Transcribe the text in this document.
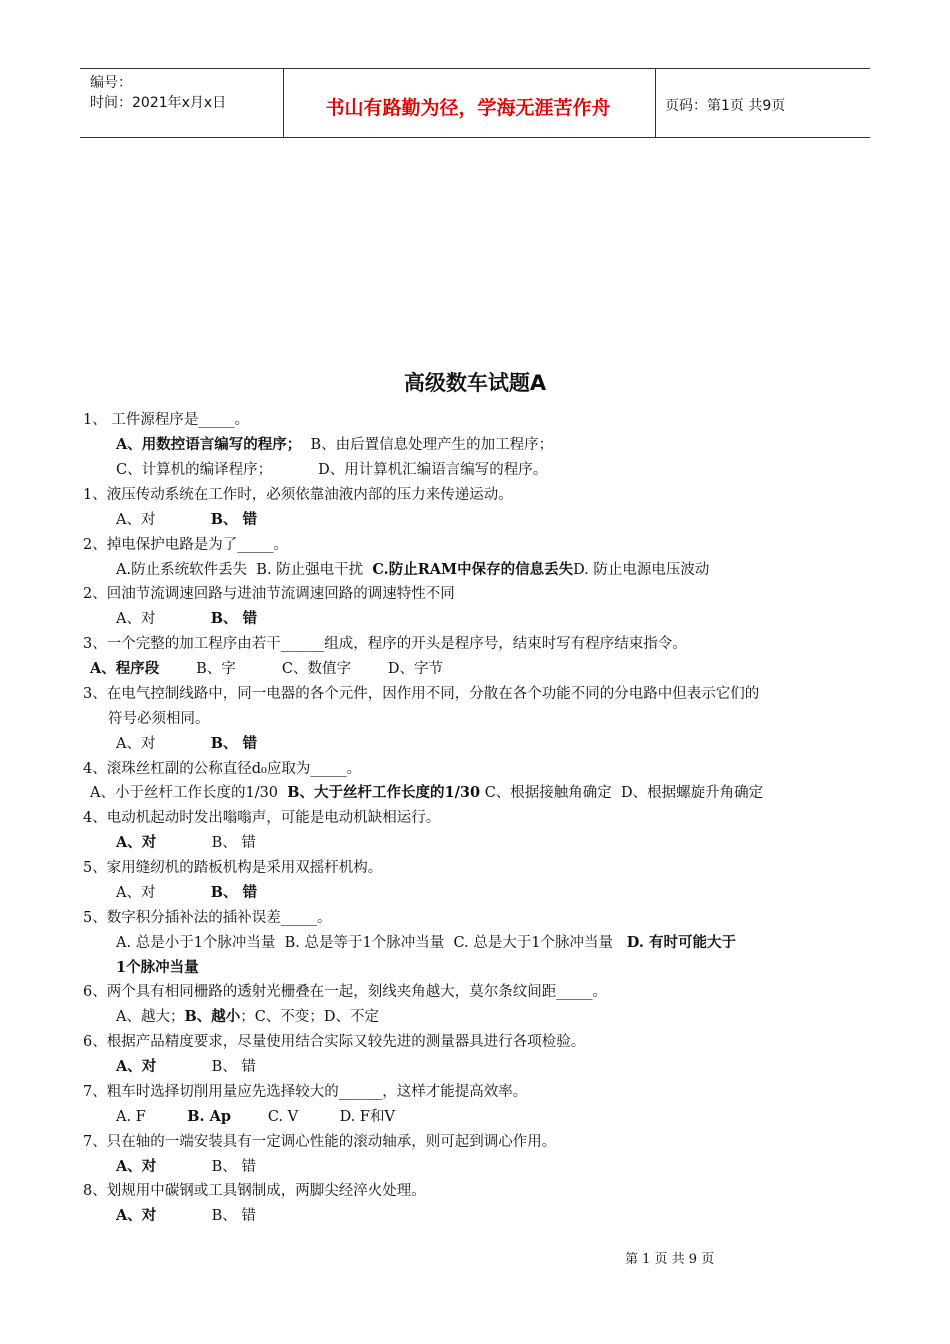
编号：
时间：2021年x月x日	书山有路勤为径，学海无涯苦作舟	页码：第1页 共9页
高级数车试题A
1、 工件源程序是_____。
A、用数控语言编写的程序；  B、由后置信息处理产生的加工程序；
C、计算机的编译程序；          D、用计算机汇编语言编写的程序。
1、液压传动系统在工作时，必须依靠油液内部的压力来传递运动。
A、对            B、 错
2、掉电保护电路是为了_____。
A.防止系统软件丢失  B. 防止强电干扰  C.防止RAM中保存的信息丢失D. 防止电源电压波动
2、回油节流调速回路与进油节流调速回路的调速特性不同
A、对            B、 错
3、一个完整的加工程序由若干______组成，程序的开头是程序号，结束时写有程序结束指令。
A、程序段        B、字          C、数值字        D、字节
3、在电气控制线路中，同一电器的各个元件，因作用不同，分散在各个功能不同的分电路中但表示它们的
符号必须相同。
A、对            B、 错
4、滚珠丝杠副的公称直径d₀应取为_____。
A、小于丝杆工作长度的1/30  B、大于丝杆工作长度的1/30 C、根据接触角确定  D、根据螺旋升角确定
4、电动机起动时发出嗡嗡声，可能是电动机缺相运行。
A、对            B、 错
5、家用缝纫机的踏板机构是采用双摇杆机构。
A、对            B、 错
5、数字积分插补法的插补误差_____。
A. 总是小于1个脉冲当量  B. 总是等于1个脉冲当量  C. 总是大于1个脉冲当量   D. 有时可能大于
1个脉冲当量
6、两个具有相同栅路的透射光栅叠在一起，刻线夹角越大，莫尔条纹间距_____。
A、越大；B、越小；C、不变；D、不定
6、根据产品精度要求，尽量使用结合实际又较先进的测量器具进行各项检验。
A、对            B、 错
7、粗车时选择切削用量应先选择较大的______，这样才能提高效率。
A. F         B. Ap        C. V         D. F和V
7、只在轴的一端安装具有一定调心性能的滚动轴承，则可起到调心作用。
A、对            B、 错
8、划规用中碳钢或工具钢制成，两脚尖经淬火处理。
A、对            B、 错
第 1 页 共 9 页
